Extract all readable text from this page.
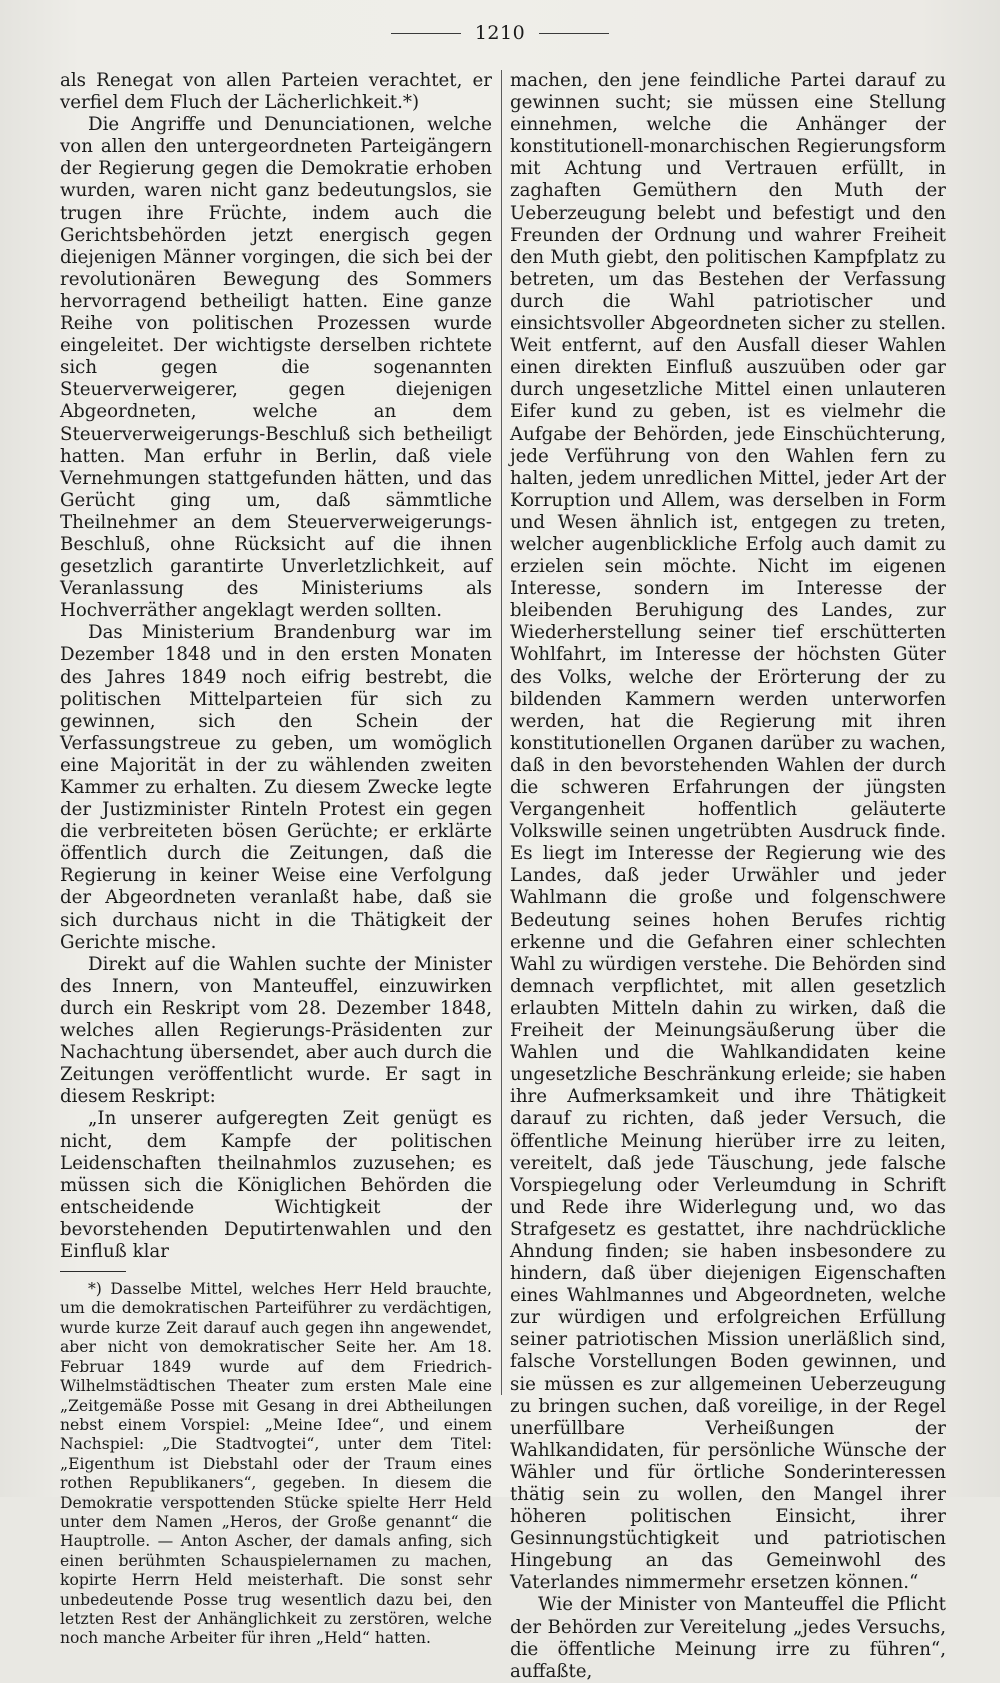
1210

als Renegat von allen Parteien verachtet, er verfiel dem Fluch der Lächerlichkeit.*)

Die Angriffe und Denunciationen, welche von allen den untergeordneten Parteigängern der Regierung gegen die Demokratie erhoben wurden, waren nicht ganz bedeutungslos, sie trugen ihre Früchte, indem auch die Gerichtsbehörden jetzt energisch gegen diejenigen Männer vorgingen, die sich bei der revolutionären Bewegung des Sommers hervorragend betheiligt hatten. Eine ganze Reihe von politischen Prozessen wurde eingeleitet. Der wichtigste derselben richtete sich gegen die sogenannten Steuerverweigerer, gegen diejenigen Abgeordneten, welche an dem Steuerverweigerungs-Beschluß sich betheiligt hatten. Man erfuhr in Berlin, daß viele Vernehmungen stattgefunden hätten, und das Gerücht ging um, daß sämmtliche Theilnehmer an dem Steuerverweigerungs-Beschluß, ohne Rücksicht auf die ihnen gesetzlich garantirte Unverletzlichkeit, auf Veranlassung des Ministeriums als Hochverräther angeklagt werden sollten.

Das Ministerium Brandenburg war im Dezember 1848 und in den ersten Monaten des Jahres 1849 noch eifrig bestrebt, die politischen Mittelparteien für sich zu gewinnen, sich den Schein der Verfassungstreue zu geben, um womöglich eine Majorität in der zu wählenden zweiten Kammer zu erhalten. Zu diesem Zwecke legte der Justizminister Rinteln Protest ein gegen die verbreiteten bösen Gerüchte; er erklärte öffentlich durch die Zeitungen, daß die Regierung in keiner Weise eine Verfolgung der Abgeordneten veranlaßt habe, daß sie sich durchaus nicht in die Thätigkeit der Gerichte mische.

Direkt auf die Wahlen suchte der Minister des Innern, von Manteuffel, einzuwirken durch ein Reskript vom 28. Dezember 1848, welches allen Regierungs-Präsidenten zur Nachachtung übersendet, aber auch durch die Zeitungen veröffentlicht wurde. Er sagt in diesem Reskript:

„In unserer aufgeregten Zeit genügt es nicht, dem Kampfe der politischen Leidenschaften theilnahmlos zuzusehen; es müssen sich die Königlichen Behörden die entscheidende Wichtigkeit der bevorstehenden Deputirtenwahlen und den Einfluß klar

*) Dasselbe Mittel, welches Herr Held brauchte, um die demokratischen Parteiführer zu verdächtigen, wurde kurze Zeit darauf auch gegen ihn angewendet, aber nicht von demokratischer Seite her. Am 18. Februar 1849 wurde auf dem Friedrich-Wilhelmstädtischen Theater zum ersten Male eine „Zeitgemäße Posse mit Gesang in drei Abtheilungen nebst einem Vorspiel: „Meine Idee“, und einem Nachspiel: „Die Stadtvogtei“, unter dem Titel: „Eigenthum ist Diebstahl oder der Traum eines rothen Republikaners“, gegeben. In diesem die Demokratie verspottenden Stücke spielte Herr Held unter dem Namen „Heros, der Große genannt“ die Hauptrolle. — Anton Ascher, der damals anfing, sich einen berühmten Schauspielernamen zu machen, kopirte Herrn Held meisterhaft. Die sonst sehr unbedeutende Posse trug wesentlich dazu bei, den letzten Rest der Anhänglichkeit zu zerstören, welche noch manche Arbeiter für ihren „Held“ hatten.

machen, den jene feindliche Partei darauf zu gewinnen sucht; sie müssen eine Stellung einnehmen, welche die Anhänger der konstitutionell-monarchischen Regierungsform mit Achtung und Vertrauen erfüllt, in zaghaften Gemüthern den Muth der Ueberzeugung belebt und befestigt und den Freunden der Ordnung und wahrer Freiheit den Muth giebt, den politischen Kampfplatz zu betreten, um das Bestehen der Verfassung durch die Wahl patriotischer und einsichtsvoller Abgeordneten sicher zu stellen. Weit entfernt, auf den Ausfall dieser Wahlen einen direkten Einfluß auszuüben oder gar durch ungesetzliche Mittel einen unlauteren Eifer kund zu geben, ist es vielmehr die Aufgabe der Behörden, jede Einschüchterung, jede Verführung von den Wahlen fern zu halten, jedem unredlichen Mittel, jeder Art der Korruption und Allem, was derselben in Form und Wesen ähnlich ist, entgegen zu treten, welcher augenblickliche Erfolg auch damit zu erzielen sein möchte. Nicht im eigenen Interesse, sondern im Interesse der bleibenden Beruhigung des Landes, zur Wiederherstellung seiner tief erschütterten Wohlfahrt, im Interesse der höchsten Güter des Volks, welche der Erörterung der zu bildenden Kammern werden unterworfen werden, hat die Regierung mit ihren konstitutionellen Organen darüber zu wachen, daß in den bevorstehenden Wahlen der durch die schweren Erfahrungen der jüngsten Vergangenheit hoffentlich geläuterte Volkswille seinen ungetrübten Ausdruck finde. Es liegt im Interesse der Regierung wie des Landes, daß jeder Urwähler und jeder Wahlmann die große und folgenschwere Bedeutung seines hohen Berufes richtig erkenne und die Gefahren einer schlechten Wahl zu würdigen verstehe. Die Behörden sind demnach verpflichtet, mit allen gesetzlich erlaubten Mitteln dahin zu wirken, daß die Freiheit der Meinungsäußerung über die Wahlen und die Wahlkandidaten keine ungesetzliche Beschränkung erleide; sie haben ihre Aufmerksamkeit und ihre Thätigkeit darauf zu richten, daß jeder Versuch, die öffentliche Meinung hierüber irre zu leiten, vereitelt, daß jede Täuschung, jede falsche Vorspiegelung oder Verleumdung in Schrift und Rede ihre Widerlegung und, wo das Strafgesetz es gestattet, ihre nachdrückliche Ahndung finden; sie haben insbesondere zu hindern, daß über diejenigen Eigenschaften eines Wahlmannes und Abgeordneten, welche zur würdigen und erfolgreichen Erfüllung seiner patriotischen Mission unerläßlich sind, falsche Vorstellungen Boden gewinnen, und sie müssen es zur allgemeinen Ueberzeugung zu bringen suchen, daß voreilige, in der Regel unerfüllbare Verheißungen der Wahlkandidaten, für persönliche Wünsche der Wähler und für örtliche Sonderinteressen thätig sein zu wollen, den Mangel ihrer höheren politischen Einsicht, ihrer Gesinnungstüchtigkeit und patriotischen Hingebung an das Gemeinwohl des Vaterlandes nimmermehr ersetzen können.“

Wie der Minister von Manteuffel die Pflicht der Behörden zur Vereitelung „jedes Versuchs, die öffentliche Meinung irre zu führen“, auffaßte,
